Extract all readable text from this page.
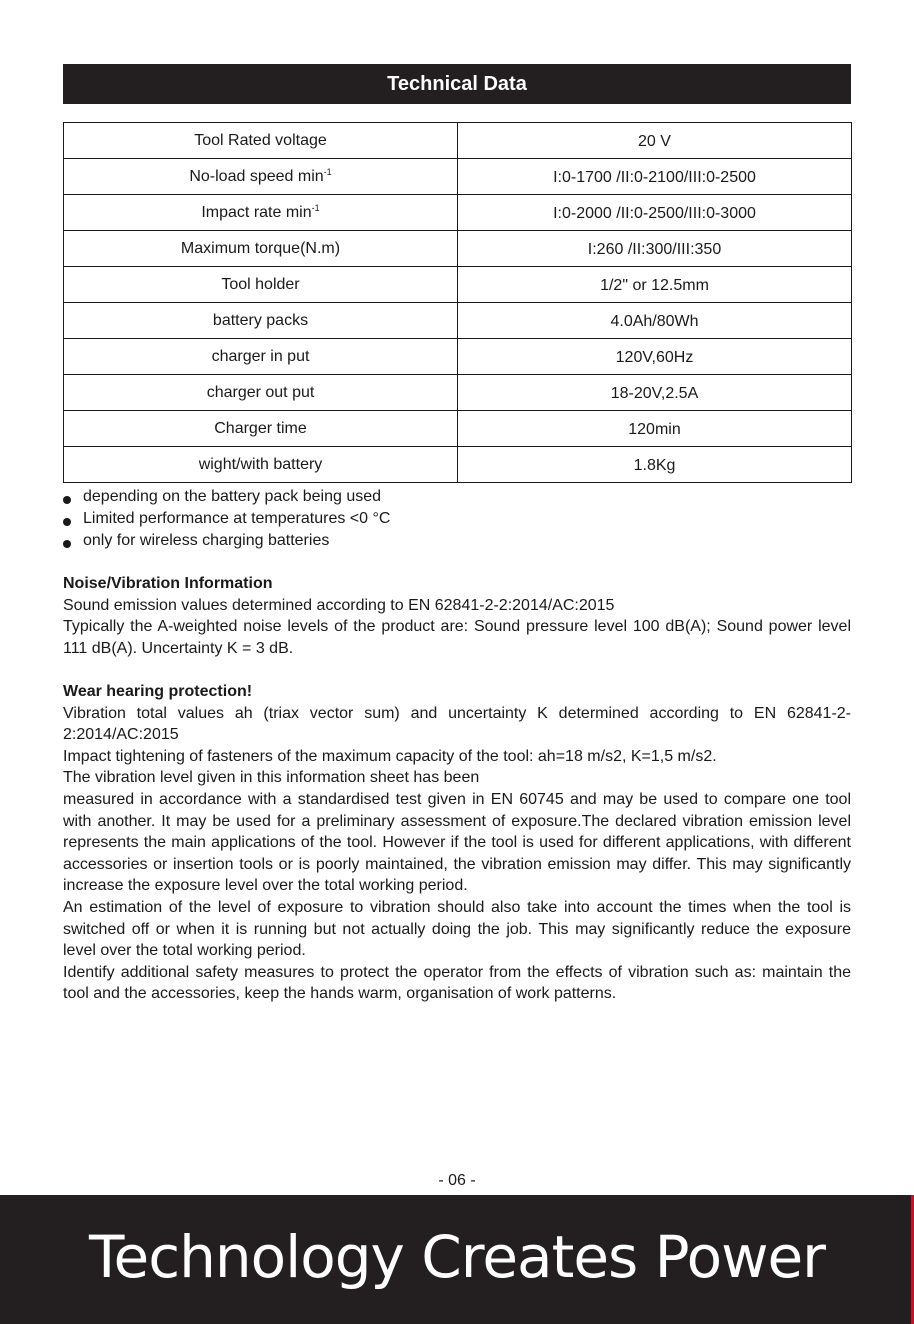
Technical Data
Tool Rated voltage	20 V
No-load speed $\min^{-1}$	I:0-1700 /II:0-2100/III:0-2500
Impact rate $\min^{-1}$	I:0-2000 /II:0-2500/III:0-3000
Maximum torque(N.m)	I:260 /II:300/III:350
Tool holder	1/2" or 12.5mm
battery packs	4.0Ah/80Wh
charger in put	120V,60Hz
charger out put	18-20V,2.5A
Charger time	120min
wight/with battery	1.8Kg
depending on the battery pack being used
Limited performance at temperatures <0 °C
only for wireless charging batteries

Noise/Vibration Information

Sound emission values determined according to EN 62841-2-2:2014/AC:2015

Typically the A-weighted noise levels of the product are: Sound pressure level 100 dB(A); Sound power level 111 dB(A). Uncertainty K = 3 dB.

Wear hearing protection!

Vibration total values ah (triax vector sum) and uncertainty K determined according to EN 62841-2-2:2014/AC:2015

Impact tightening of fasteners of the maximum capacity of the tool: ah=18 m/s2, K=1,5 m/s2.

The vibration level given in this information sheet has been

measured in accordance with a standardised test given in EN 60745 and may be used to compare one tool with another. It may be used for a preliminary assessment of exposure.The declared vibration emission level represents the main applications of the tool. However if the tool is used for different applications, with different accessories or insertion tools or is poorly maintained, the vibration emission may differ. This may significantly increase the exposure level over the total working period.

An estimation of the level of exposure to vibration should also take into account the times when the tool is switched off or when it is running but not actually doing the job. This may significantly reduce the exposure level over the total working period.

Identify additional safety measures to protect the operator from the effects of vibration such as: maintain the tool and the accessories, keep the hands warm, organisation of work patterns.

- 06 -
Technology Creates Power
